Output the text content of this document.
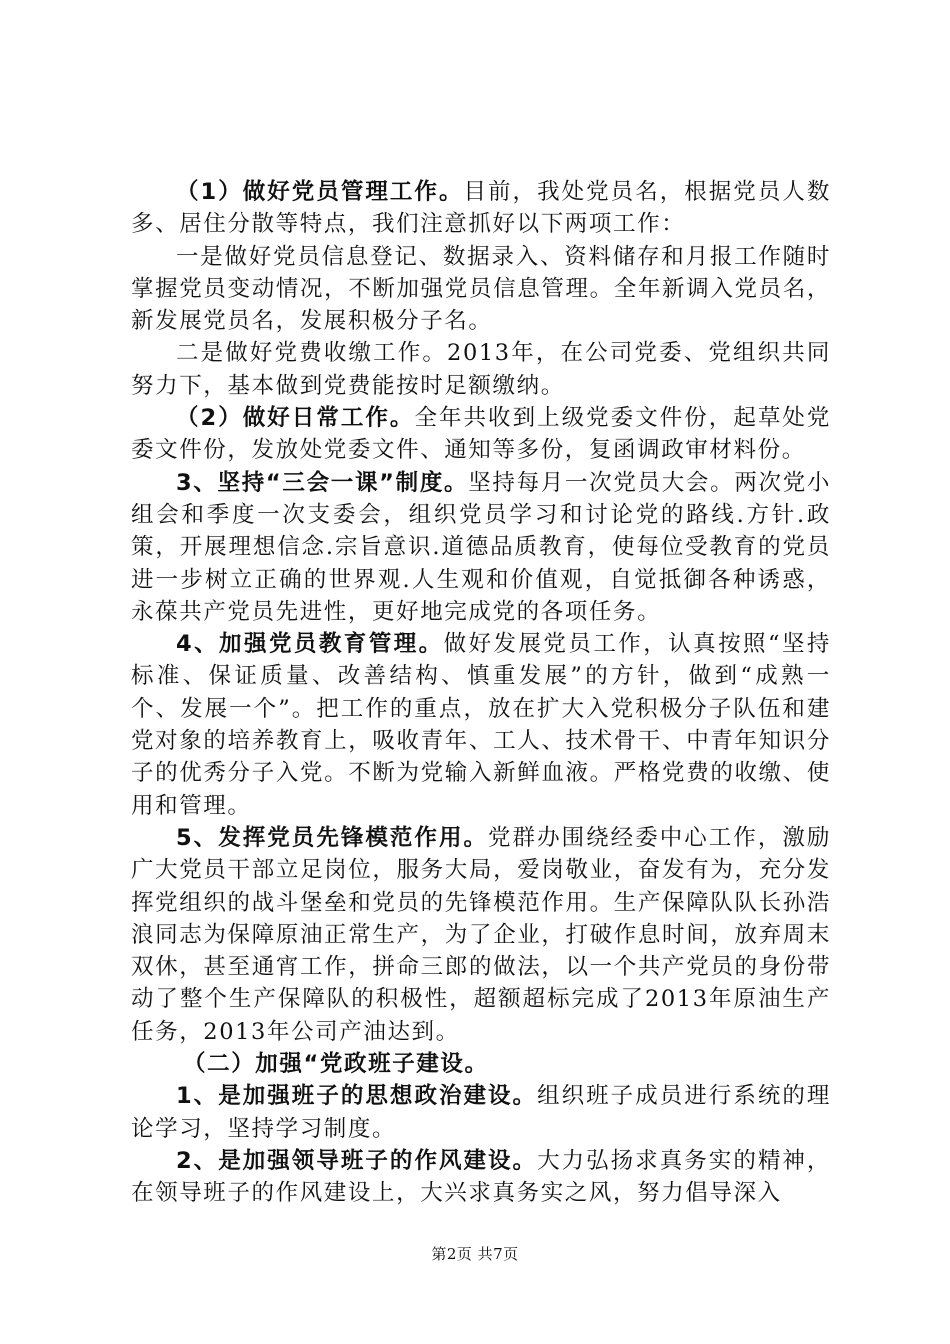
（1）做好党员管理工作。目前，我处党员名，根据党员人数多、居住分散等特点，我们注意抓好以下两项工作：

一是做好党员信息登记、数据录入、资料储存和月报工作随时掌握党员变动情况，不断加强党员信息管理。全年新调入党员名，新发展党员名，发展积极分子名。

二是做好党费收缴工作。2013年，在公司党委、党组织共同努力下，基本做到党费能按时足额缴纳。

（2）做好日常工作。全年共收到上级党委文件份，起草处党委文件份，发放处党委文件、通知等多份，复函调政审材料份。

3、坚持“三会一课”制度。坚持每月一次党员大会。两次党小组会和季度一次支委会，组织党员学习和讨论党的路线.方针.政策，开展理想信念.宗旨意识.道德品质教育，使每位受教育的党员进一步树立正确的世界观.人生观和价值观，自觉抵御各种诱惑，永葆共产党员先进性，更好地完成党的各项任务。

4、加强党员教育管理。做好发展党员工作，认真按照“坚持标准、保证质量、改善结构、慎重发展”的方针，做到“成熟一个、发展一个”。把工作的重点，放在扩大入党积极分子队伍和建党对象的培养教育上，吸收青年、工人、技术骨干、中青年知识分子的优秀分子入党。不断为党输入新鲜血液。严格党费的收缴、使用和管理。

5、发挥党员先锋模范作用。党群办围绕经委中心工作，激励广大党员干部立足岗位，服务大局，爱岗敬业，奋发有为，充分发挥党组织的战斗堡垒和党员的先锋模范作用。生产保障队队长孙浩浪同志为保障原油正常生产，为了企业，打破作息时间，放弃周末双休，甚至通宵工作，拼命三郎的做法，以一个共产党员的身份带动了整个生产保障队的积极性，超额超标完成了2013年原油生产任务，2013年公司产油达到。

（二）加强“党政班子建设。

1、是加强班子的思想政治建设。组织班子成员进行系统的理论学习，坚持学习制度。

2、是加强领导班子的作风建设。大力弘扬求真务实的精神，在领导班子的作风建设上，大兴求真务实之风，努力倡导深入

第2页 共7页
